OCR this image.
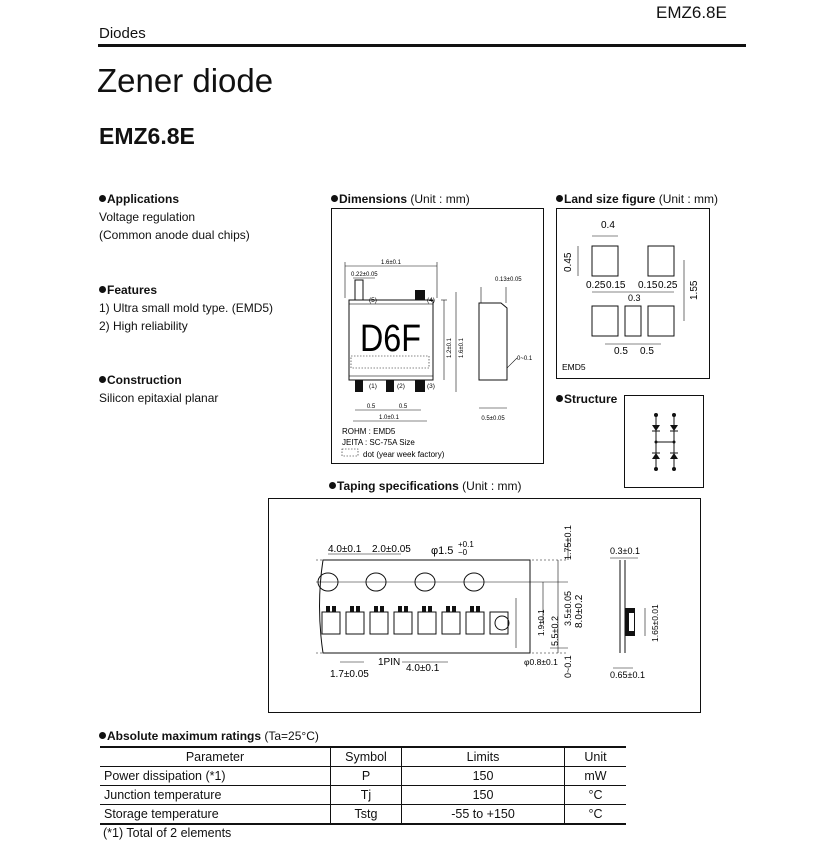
EMZ6.8E
Diodes
Zener diode
EMZ6.8E
Applications
Voltage regulation
(Common anode dual chips)
Features
1) Ultra small mold type. (EMD5)
2) High reliability
Construction
Silicon epitaxial planar
Dimensions (Unit : mm)
1.6±0.1
0.22±0.05
(5)	(4)
(1)	(2)	(3)
D6F	1.2±0.1 1.6±0.1
0.5	0.5
1.0±0.1
0.13±0.05
0~0.1
0.5±0.05
ROHM : EMD5
JEITA : SC-75A Size
dot (year week factory)
Land size figure (Unit : mm)
0.4
0.45
0.25 0.15
0.3
0.15 0.25 1.55
0.5 0.5
EMD5
Structure
Taping specifications (Unit : mm)
4.0±0.1 2.0±0.05 φ1.5
+0.1
−0	1.75±0.1
3.5±0.05 8.0±0.2
1.9±0.1 5.5±0.2
1PIN
4.0±0.1
1.7±0.05
φ0.8±0.1 0~0.1
0.3±0.1
1.65±0.01
0.65±0.1
Absolute maximum ratings (Ta=25°C)
Parameter	Symbol	Limits	Unit
Power dissipation (*1)	P	150	mW
Junction temperature	Tj	150	°C
Storage temperature	Tstg	-55 to +150	°C
(*1) Total of 2 elements
